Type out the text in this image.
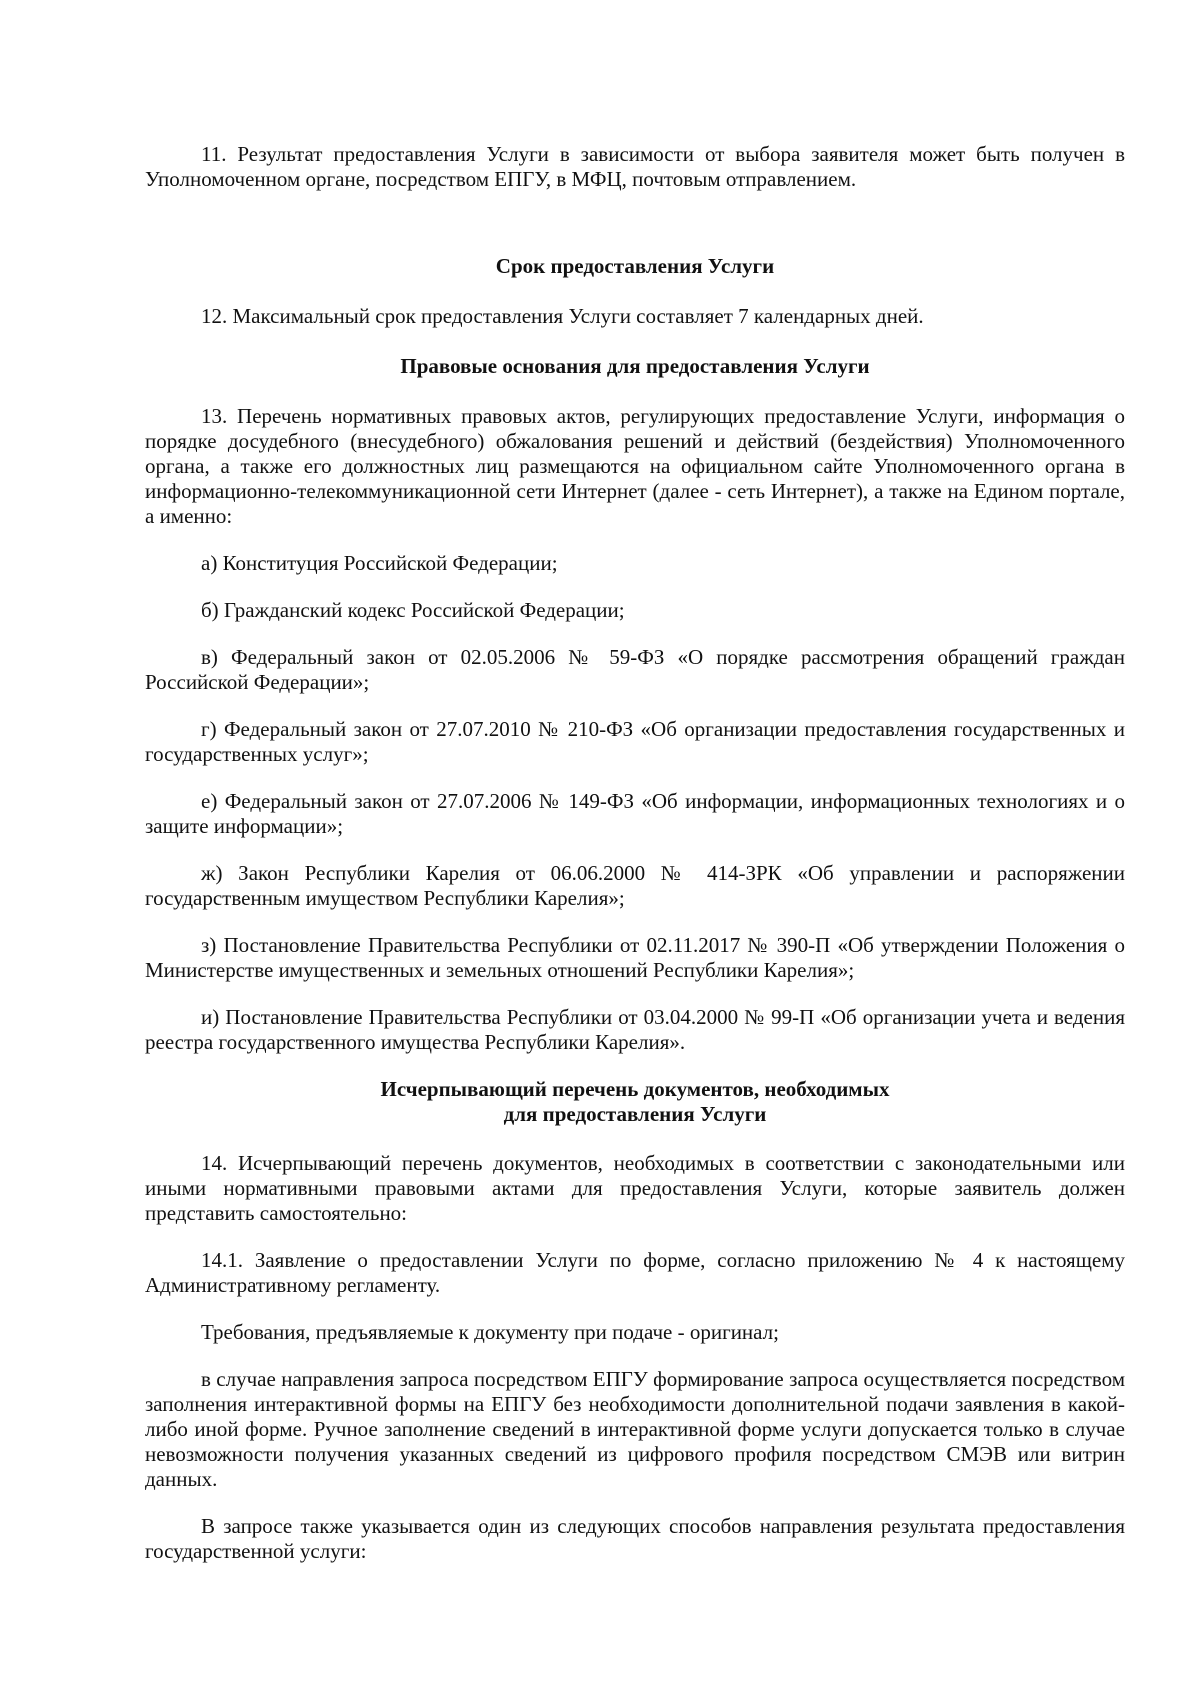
11. Результат предоставления Услуги в зависимости от выбора заявителя может быть получен в Уполномоченном органе, посредством ЕПГУ, в МФЦ, почтовым отправлением.

Срок предоставления Услуги

12. Максимальный срок предоставления Услуги составляет 7 календарных дней.

Правовые основания для предоставления Услуги

13. Перечень нормативных правовых актов, регулирующих предоставление Услуги, информация о порядке досудебного (внесудебного) обжалования решений и действий (бездействия) Уполномоченного органа, а также его должностных лиц размещаются на официальном сайте Уполномоченного органа в информационно-телекоммуникационной сети Интернет (далее - сеть Интернет), а также на Едином портале, а именно:

а) Конституция Российской Федерации;

б) Гражданский кодекс Российской Федерации;

в) Федеральный закон от 02.05.2006 № 59-ФЗ «О порядке рассмотрения обращений граждан Российской Федерации»;

г) Федеральный закон от 27.07.2010 № 210-ФЗ «Об организации предоставления государственных и государственных услуг»;

е) Федеральный закон от 27.07.2006 № 149-ФЗ «Об информации, информационных технологиях и о защите информации»;

ж) Закон Республики Карелия от 06.06.2000 № 414-ЗРК «Об управлении и распоряжении государственным имуществом Республики Карелия»;

з) Постановление Правительства Республики от 02.11.2017 № 390-П «Об утверждении Положения о Министерстве имущественных и земельных отношений Республики Карелия»;

и) Постановление Правительства Республики от 03.04.2000 № 99-П «Об организации учета и ведения реестра государственного имущества Республики Карелия».

Исчерпывающий перечень документов, необходимых
для предоставления Услуги

14. Исчерпывающий перечень документов, необходимых в соответствии с законодательными или иными нормативными правовыми актами для предоставления Услуги, которые заявитель должен представить самостоятельно:

14.1. Заявление о предоставлении Услуги по форме, согласно приложению № 4 к настоящему Административному регламенту.

Требования, предъявляемые к документу при подаче - оригинал;

в случае направления запроса посредством ЕПГУ формирование запроса осуществляется посредством заполнения интерактивной формы на ЕПГУ без необходимости дополнительной подачи заявления в какой-либо иной форме. Ручное заполнение сведений в интерактивной форме услуги допускается только в случае невозможности получения указанных сведений из цифрового профиля посредством СМЭВ или витрин данных.

В запросе также указывается один из следующих способов направления результата предоставления государственной услуги:
